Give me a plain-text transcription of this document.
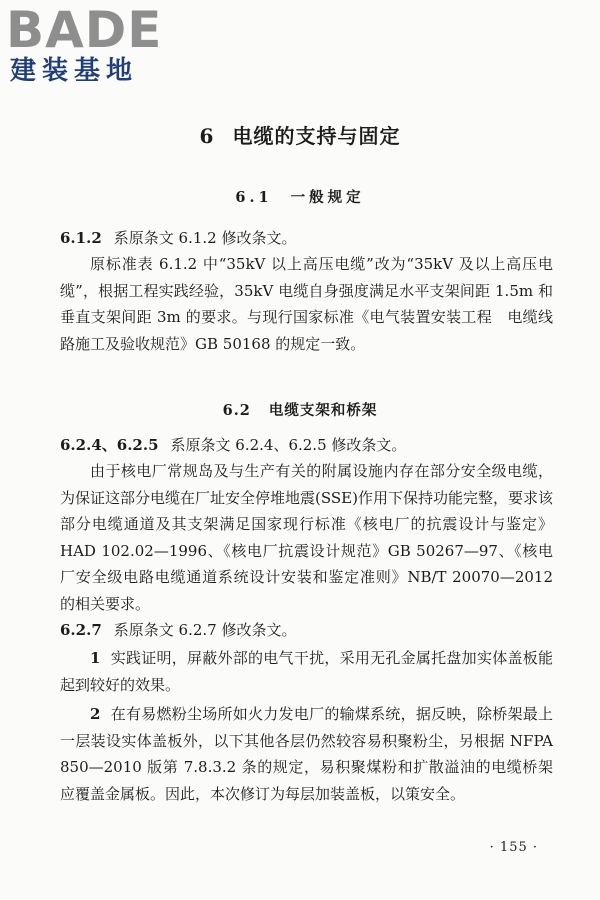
BADE
建装基地
6 电缆的支持与固定
6.1 一般规定

6.1.2 系原条文 6.1.2 修改条文。

原标准表 6.1.2 中“35kV 以上高压电缆”改为“35kV 及以上高压电缆”，根据工程实践经验，35kV 电缆自身强度满足水平支架间距 1.5m 和垂直支架间距 3m 的要求。与现行国家标准《电气装置安装工程　电缆线路施工及验收规范》GB 50168 的规定一致。

6.2 电缆支架和桥架

6.2.4、6.2.5 系原条文 6.2.4、6.2.5 修改条文。

由于核电厂常规岛及与生产有关的附属设施内存在部分安全级电缆，为保证这部分电缆在厂址安全停堆地震(SSE)作用下保持功能完整，要求该部分电缆通道及其支架满足国家现行标准《核电厂的抗震设计与鉴定》HAD 102.02—1996、《核电厂抗震设计规范》GB 50267—97、《核电厂安全级电路电缆通道系统设计安装和鉴定准则》NB/T 20070—2012 的相关要求。

6.2.7 系原条文 6.2.7 修改条文。

1 实践证明，屏蔽外部的电气干扰，采用无孔金属托盘加实体盖板能起到较好的效果。

2 在有易燃粉尘场所如火力发电厂的输煤系统，据反映，除桥架最上一层装设实体盖板外，以下其他各层仍然较容易积聚粉尘，另根据 NFPA 850—2010 版第 7.8.3.2 条的规定，易积聚煤粉和扩散溢油的电缆桥架应覆盖金属板。因此，本次修订为每层加装盖板，以策安全。

· 155 ·
